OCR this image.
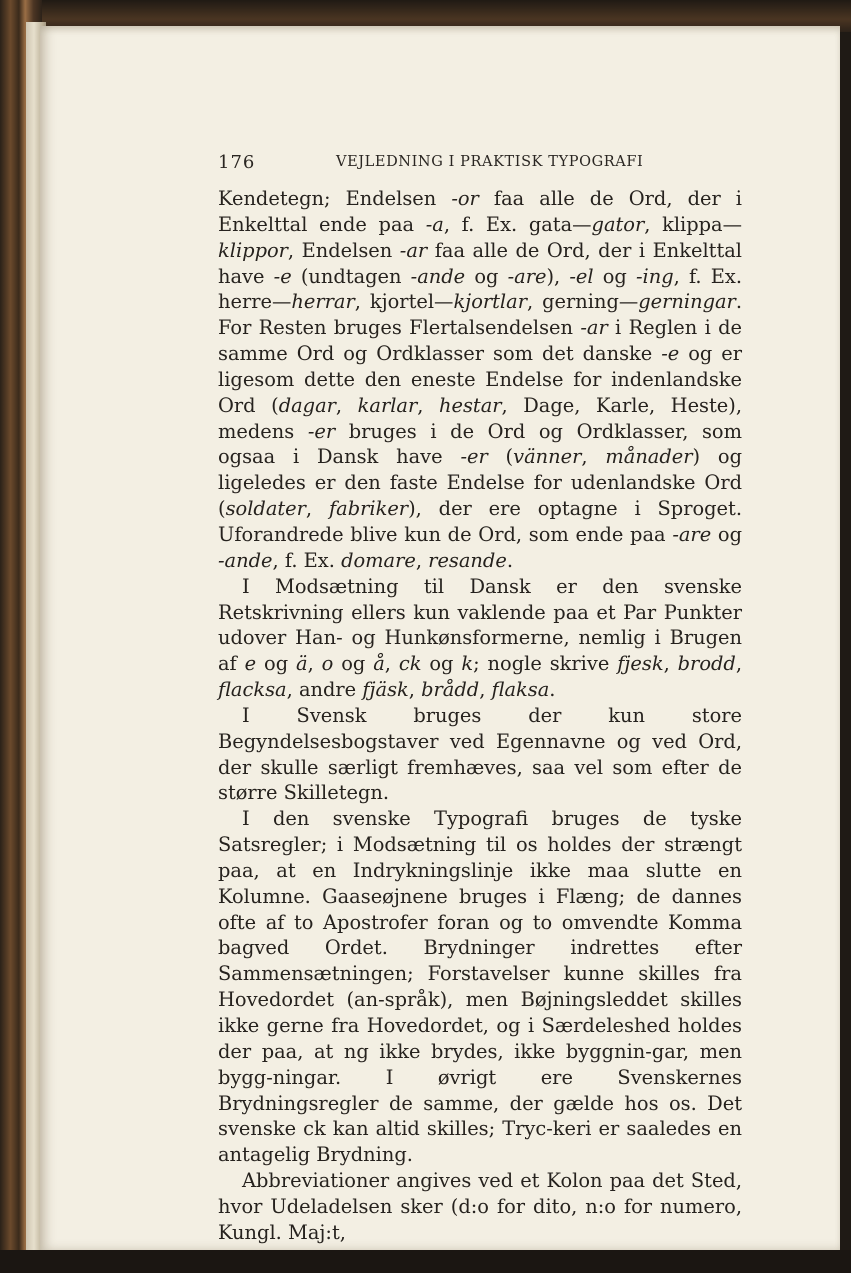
176	VEJLEDNING I PRAKTISK TYPOGRAFI

Kendetegn; Endelsen -or faa alle de Ord, der i Enkelttal ende paa -a, f. Ex. gata—gator, klippa—klippor, Endelsen -ar faa alle de Ord, der i Enkelttal have -e (undtagen -ande og -are), -el og -ing, f. Ex. herre—herrar, kjortel—kjortlar, gerning—gerningar. For Resten bruges Flertalsendelsen -ar i Reglen i de samme Ord og Ordklasser som det danske -e og er ligesom dette den eneste Endelse for indenlandske Ord (dagar, karlar, hestar, Dage, Karle, Heste), medens -er bruges i de Ord og Ordklasser, som ogsaa i Dansk have -er (vänner, månader) og ligeledes er den faste Endelse for udenlandske Ord (soldater, fabriker), der ere optagne i Sproget. Uforandrede blive kun de Ord, som ende paa -are og -ande, f. Ex. domare, resande.

I Modsætning til Dansk er den svenske Retskrivning ellers kun vaklende paa et Par Punkter udover Han- og Hunkønsformerne, nemlig i Brugen af e og ä, o og å, ck og k; nogle skrive fjesk, brodd, flacksa, andre fjäsk, brådd, flaksa.

I Svensk bruges der kun store Begyndelsesbogstaver ved Egennavne og ved Ord, der skulle særligt fremhæves, saa vel som efter de større Skilletegn.

I den svenske Typografi bruges de tyske Satsregler; i Modsætning til os holdes der strængt paa, at en Indrykningslinje ikke maa slutte en Kolumne. Gaaseøjnene bruges i Flæng; de dannes ofte af to Apostrofer foran og to omvendte Komma bagved Ordet. Brydninger indrettes efter Sammensætningen; Forstavelser kunne skilles fra Hovedordet (an-språk), men Bøjningsleddet skilles ikke gerne fra Hovedordet, og i Særdeleshed holdes der paa, at ng ikke brydes, ikke byggnin-gar, men bygg-ningar. I øvrigt ere Svenskernes Brydningsregler de samme, der gælde hos os. Det svenske ck kan altid skilles; Tryc-keri er saaledes en antagelig Brydning.

Abbreviationer angives ved et Kolon paa det Sted, hvor Udeladelsen sker (d:o for dito, n:o for numero, Kungl. Maj:t,
